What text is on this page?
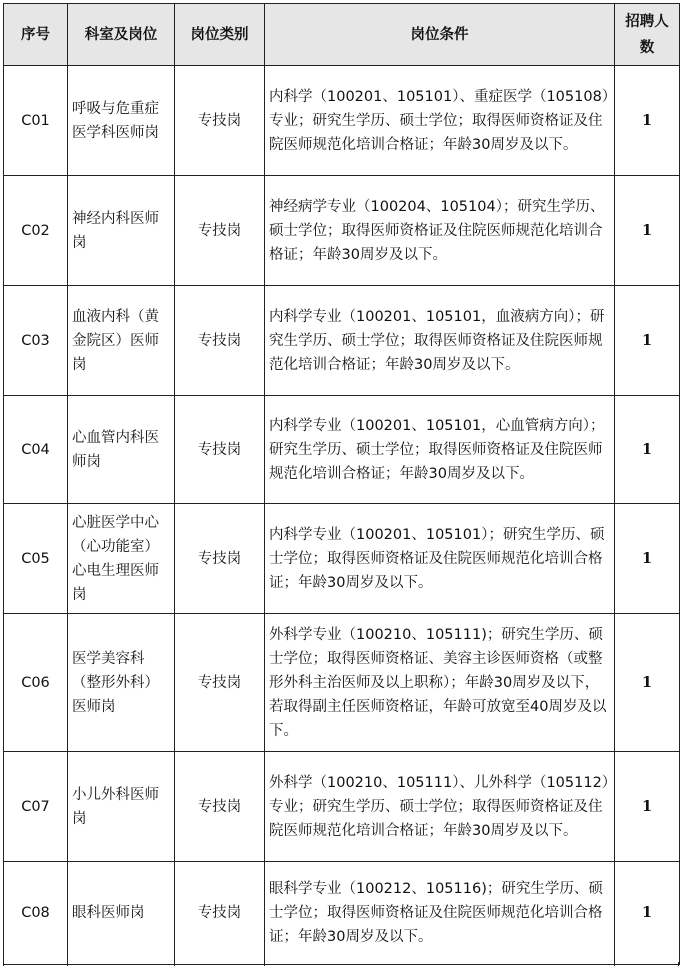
序号	科室及岗位	岗位类别	岗位条件	招聘人数
C01	呼吸与危重症医学科医师岗	专技岗	内科学（100201、105101）、重症医学（105108）专业；研究生学历、硕士学位；取得医师资格证及住院医师规范化培训合格证；年龄30周岁及以下。	1
C02	神经内科医师岗	专技岗	神经病学专业（100204、105104）；研究生学历、硕士学位；取得医师资格证及住院医师规范化培训合格证；年龄30周岁及以下。	1
C03	血液内科（黄金院区）医师岗	专技岗	内科学专业（100201、105101，血液病方向）；研究生学历、硕士学位；取得医师资格证及住院医师规范化培训合格证；年龄30周岁及以下。	1
C04	心血管内科医师岗	专技岗	内科学专业（100201、105101，心血管病方向）；研究生学历、硕士学位；取得医师资格证及住院医师规范化培训合格证；年龄30周岁及以下。	1
C05	心脏医学中心（心功能室）心电生理医师岗	专技岗	内科学专业（100201、105101）；研究生学历、硕士学位；取得医师资格证及住院医师规范化培训合格证；年龄30周岁及以下。	1
C06	医学美容科（整形外科）医师岗	专技岗	外科学专业（100210、105111)；研究生学历、硕士学位；取得医师资格证、美容主诊医师资格（或整形外科主治医师及以上职称）；年龄30周岁及以下，若取得副主任医师资格证，年龄可放宽至40周岁及以下。	1
C07	小儿外科医师岗	专技岗	外科学（100210、105111）、儿外科学（105112）专业；研究生学历、硕士学位；取得医师资格证及住院医师规范化培训合格证；年龄30周岁及以下。	1
C08	眼科医师岗	专技岗	眼科学专业（100212、105116)；研究生学历、硕士学位；取得医师资格证及住院医师规范化培训合格证；年龄30周岁及以下。	1
